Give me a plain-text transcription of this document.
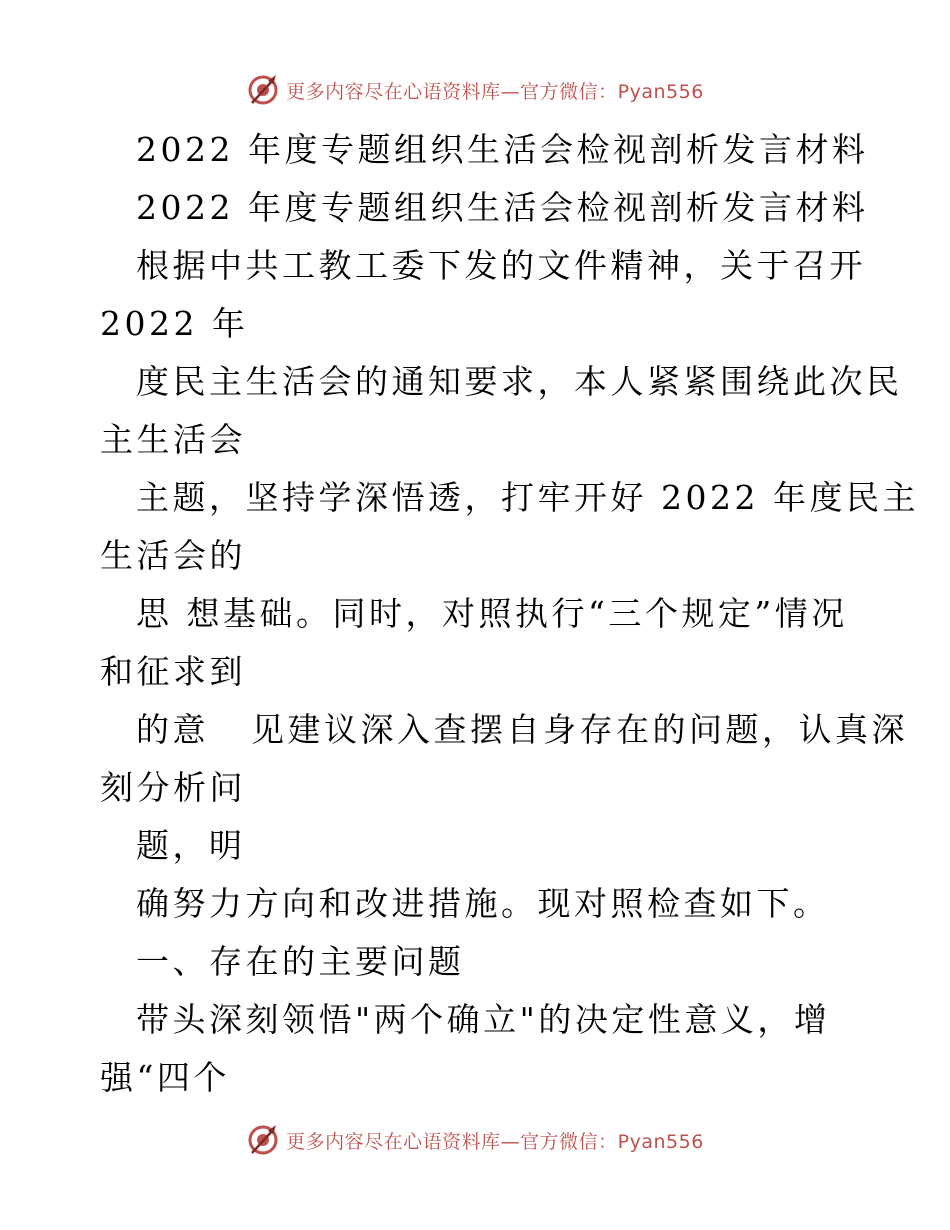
更多内容尽在心语资料库—官方微信：Pyan556
2022 年度专题组织生活会检视剖析发言材料
2022 年度专题组织生活会检视剖析发言材料
根据中共工教工委下发的文件精神，关于召开
2022 年
度民主生活会的通知要求，本人紧紧围绕此次民
主生活会
主题，坚持学深悟透，打牢开好 2022 年度民主
生活会的
思 想基础。同时，对照执行“三个规定”情况
和征求到
的意   见建议深入查摆自身存在的问题，认真深
刻分析问
题，明
确努力方向和改进措施。现对照检查如下。
一、存在的主要问题
带头深刻领悟"两个确立"的决定性意义，增
强“四个
更多内容尽在心语资料库—官方微信：Pyan556
